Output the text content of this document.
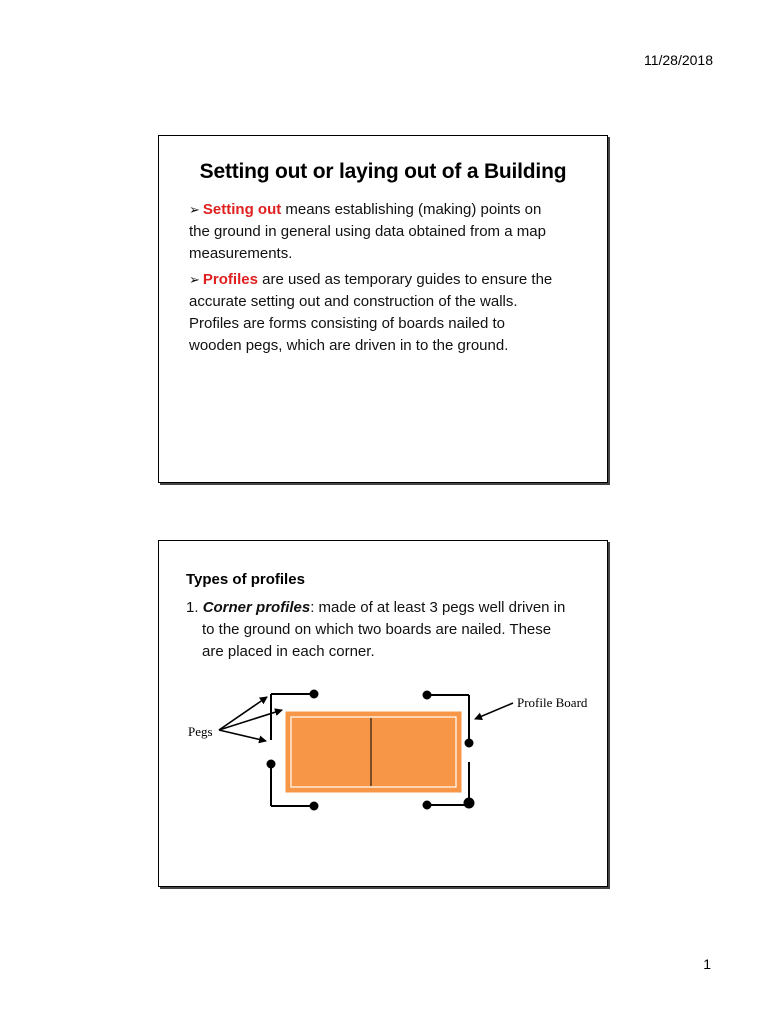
11/28/2018
Setting out or laying out of a Building

➢ Setting out means establishing (making) points on
the ground in general using data obtained from a map
measurements.

➢ Profiles are used as temporary guides to ensure the
accurate setting out and construction of the walls.
Profiles are forms consisting of boards nailed to
wooden pegs, which are driven in to the ground.

Types of profiles

1. Corner profiles: made of at least 3 pegs well driven in

to the ground on which two boards are nailed. These
are placed in each corner.

Pegs
Profile Board
1
